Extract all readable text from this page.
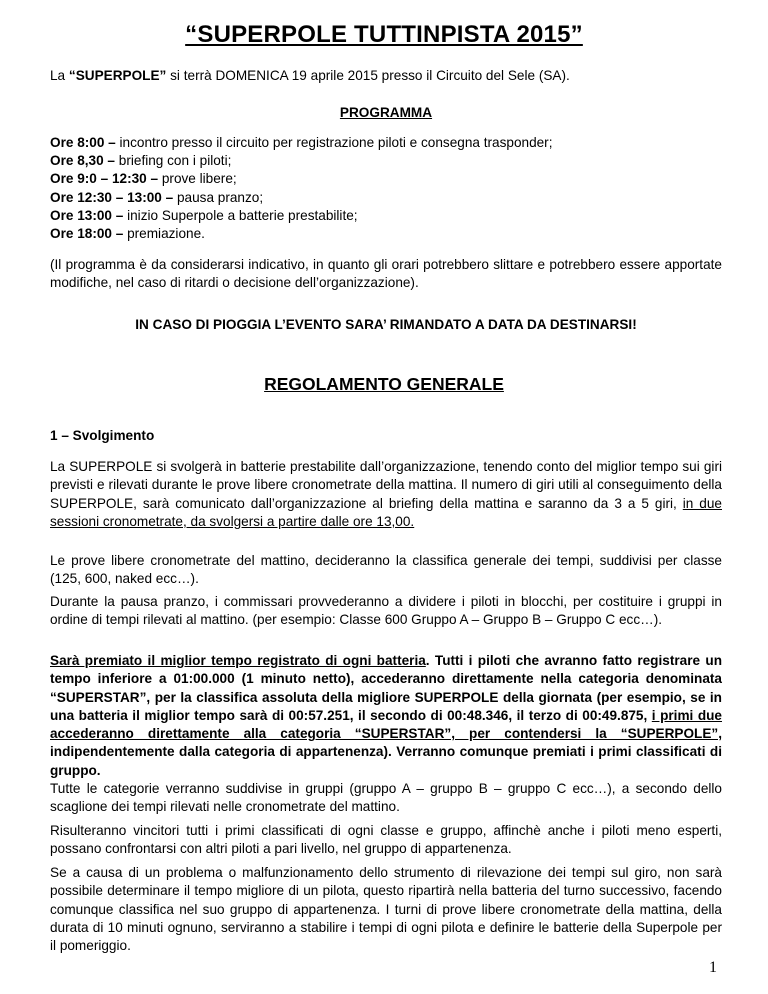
“SUPERPOLE TUTTINPISTA 2015”

La “SUPERPOLE” si terrà DOMENICA 19 aprile 2015 presso il Circuito del Sele (SA).

PROGRAMMA

Ore 8:00 – incontro presso il circuito per registrazione piloti e consegna trasponder;

Ore 8,30 – briefing con i piloti;

Ore 9:0 – 12:30 – prove libere;

Ore 12:30 – 13:00 – pausa pranzo;

Ore 13:00 – inizio Superpole a batterie prestabilite;

Ore 18:00 – premiazione.

(Il programma è da considerarsi indicativo, in quanto gli orari potrebbero slittare e potrebbero essere apportate modifiche, nel caso di ritardi o decisione dell’organizzazione).

IN CASO DI PIOGGIA L’EVENTO SARA’ RIMANDATO A DATA DA DESTINARSI!

REGOLAMENTO GENERALE

1 – Svolgimento

La SUPERPOLE si svolgerà in batterie prestabilite dall’organizzazione, tenendo conto del miglior tempo sui giri previsti e rilevati durante le prove libere cronometrate della mattina. Il numero di giri utili al conseguimento della SUPERPOLE, sarà comunicato dall’organizzazione al briefing della mattina e saranno da 3 a 5 giri, in due sessioni cronometrate, da svolgersi a partire dalle ore 13,00.

Le prove libere cronometrate del mattino, decideranno la classifica generale dei tempi, suddivisi per classe (125, 600, naked ecc…).

Durante la pausa pranzo, i commissari provvederanno a dividere i piloti in blocchi, per costituire i gruppi in ordine di tempi rilevati al mattino. (per esempio: Classe 600 Gruppo A – Gruppo B – Gruppo C ecc…).

Sarà premiato il miglior tempo registrato di ogni batteria. Tutti i piloti che avranno fatto registrare un tempo inferiore a 01:00.000 (1 minuto netto), accederanno direttamente nella categoria denominata “SUPERSTAR”, per la classifica assoluta della migliore SUPERPOLE della giornata (per esempio, se in una batteria il miglior tempo sarà di 00:57.251, il secondo di 00:48.346, il terzo di 00:49.875, i primi due accederanno direttamente alla categoria “SUPERSTAR”, per contendersi la “SUPERPOLE”, indipendentemente dalla categoria di appartenenza). Verranno comunque premiati i primi classificati di gruppo.

Tutte le categorie verranno suddivise in gruppi (gruppo A – gruppo B – gruppo C ecc…), a secondo dello scaglione dei tempi rilevati nelle cronometrate del mattino.

Risulteranno vincitori tutti i primi classificati di ogni classe e gruppo, affinchè anche i piloti meno esperti, possano confrontarsi con altri piloti a pari livello, nel gruppo di appartenenza.

Se a causa di un problema o malfunzionamento dello strumento di rilevazione dei tempi sul giro, non sarà possibile determinare il tempo migliore di un pilota, questo ripartirà nella batteria del turno successivo, facendo comunque classifica nel suo gruppo di appartenenza. I turni di prove libere cronometrate della mattina, della durata di 10 minuti ognuno, serviranno a stabilire i tempi di ogni pilota e definire le batterie della Superpole per il pomeriggio.

1
